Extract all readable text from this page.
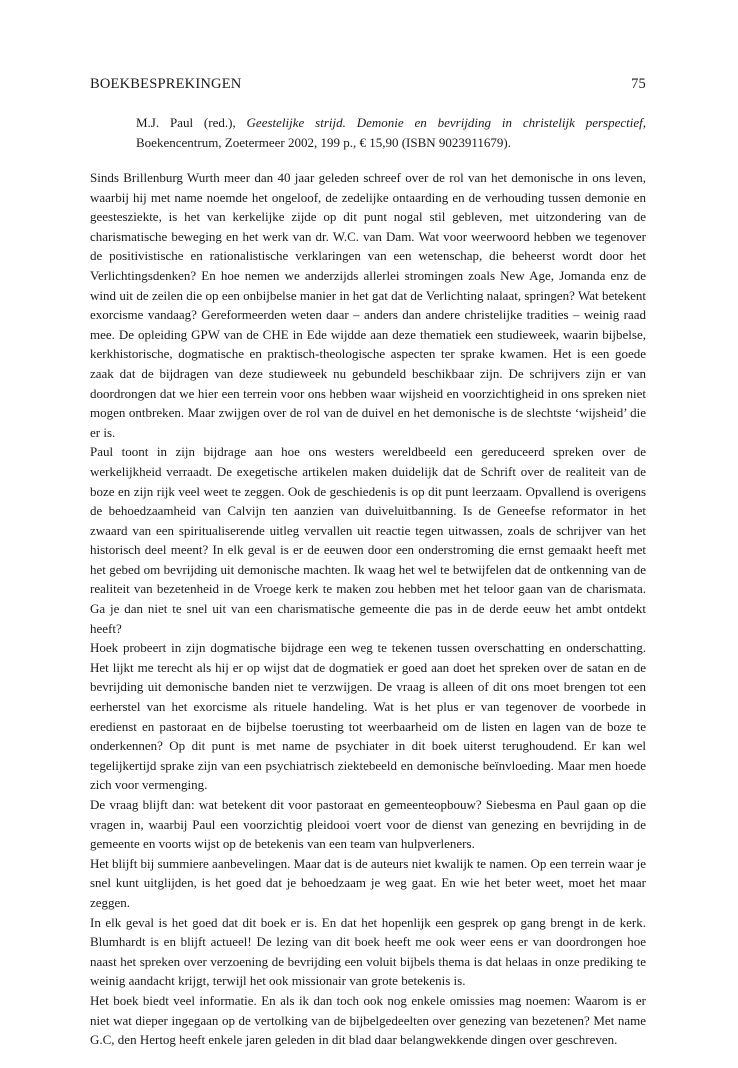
BOEKBESPREKINGEN	75
M.J. Paul (red.), Geestelijke strijd. Demonie en bevrijding in christelijk perspectief, Boekencentrum, Zoetermeer 2002, 199 p., € 15,90 (ISBN 9023911679).

Sinds Brillenburg Wurth meer dan 40 jaar geleden schreef over de rol van het demonische in ons leven, waarbij hij met name noemde het ongeloof, de zedelijke ontaarding en de verhouding tussen demonie en geestesziekte, is het van kerkelijke zijde op dit punt nogal stil gebleven, met uitzondering van de charismatische beweging en het werk van dr. W.C. van Dam. Wat voor weerwoord hebben we tegenover de positivistische en rationalistische verklaringen van een wetenschap, die beheerst wordt door het Verlichtingsdenken? En hoe nemen we anderzijds allerlei stromingen zoals New Age, Jomanda enz de wind uit de zeilen die op een onbijbelse manier in het gat dat de Verlichting nalaat, springen? Wat betekent exorcisme vandaag? Gereformeerden weten daar – anders dan andere christelijke tradities – weinig raad mee. De opleiding GPW van de CHE in Ede wijdde aan deze thematiek een studieweek, waarin bijbelse, kerkhistorische, dogmatische en praktisch-theologische aspecten ter sprake kwamen. Het is een goede zaak dat de bijdragen van deze studieweek nu gebundeld beschikbaar zijn. De schrijvers zijn er van doordrongen dat we hier een terrein voor ons hebben waar wijsheid en voorzichtigheid in ons spreken niet mogen ontbreken. Maar zwijgen over de rol van de duivel en het demonische is de slechtste ‘wijsheid’ die er is.

Paul toont in zijn bijdrage aan hoe ons westers wereldbeeld een gereduceerd spreken over de werkelijkheid verraadt. De exegetische artikelen maken duidelijk dat de Schrift over de realiteit van de boze en zijn rijk veel weet te zeggen. Ook de geschiedenis is op dit punt leerzaam. Opvallend is overigens de behoedzaamheid van Calvijn ten aanzien van duiveluitbanning. Is de Geneefse reformator in het zwaard van een spiritualiserende uitleg vervallen uit reactie tegen uitwassen, zoals de schrijver van het historisch deel meent? In elk geval is er de eeuwen door een onderstroming die ernst gemaakt heeft met het gebed om bevrijding uit demonische machten. Ik waag het wel te betwijfelen dat de ontkenning van de realiteit van bezetenheid in de Vroege kerk te maken zou hebben met het teloor gaan van de charismata. Ga je dan niet te snel uit van een charismatische gemeente die pas in de derde eeuw het ambt ontdekt heeft?

Hoek probeert in zijn dogmatische bijdrage een weg te tekenen tussen overschatting en onderschatting. Het lijkt me terecht als hij er op wijst dat de dogmatiek er goed aan doet het spreken over de satan en de bevrijding uit demonische banden niet te verzwijgen. De vraag is alleen of dit ons moet brengen tot een eerherstel van het exorcisme als rituele handeling. Wat is het plus er van tegenover de voorbede in eredienst en pastoraat en de bijbelse toerusting tot weerbaarheid om de listen en lagen van de boze te onderkennen? Op dit punt is met name de psychiater in dit boek uiterst terughoudend. Er kan wel tegelijkertijd sprake zijn van een psychiatrisch ziektebeeld en demonische beïnvloeding. Maar men hoede zich voor vermenging.

De vraag blijft dan: wat betekent dit voor pastoraat en gemeenteopbouw? Siebesma en Paul gaan op die vragen in, waarbij Paul een voorzichtig pleidooi voert voor de dienst van genezing en bevrijding in de gemeente en voorts wijst op de betekenis van een team van hulpverleners.

Het blijft bij summiere aanbevelingen. Maar dat is de auteurs niet kwalijk te namen. Op een terrein waar je snel kunt uitglijden, is het goed dat je behoedzaam je weg gaat. En wie het beter weet, moet het maar zeggen.

In elk geval is het goed dat dit boek er is. En dat het hopenlijk een gesprek op gang brengt in de kerk. Blumhardt is en blijft actueel! De lezing van dit boek heeft me ook weer eens er van doordrongen hoe naast het spreken over verzoening de bevrijding een voluit bijbels thema is dat helaas in onze prediking te weinig aandacht krijgt, terwijl het ook missionair van grote betekenis is.

Het boek biedt veel informatie. En als ik dan toch ook nog enkele omissies mag noemen: Waarom is er niet wat dieper ingegaan op de vertolking van de bijbelgedeelten over genezing van bezetenen? Met name G.C, den Hertog heeft enkele jaren geleden in dit blad daar belangwekkende dingen over geschreven.
